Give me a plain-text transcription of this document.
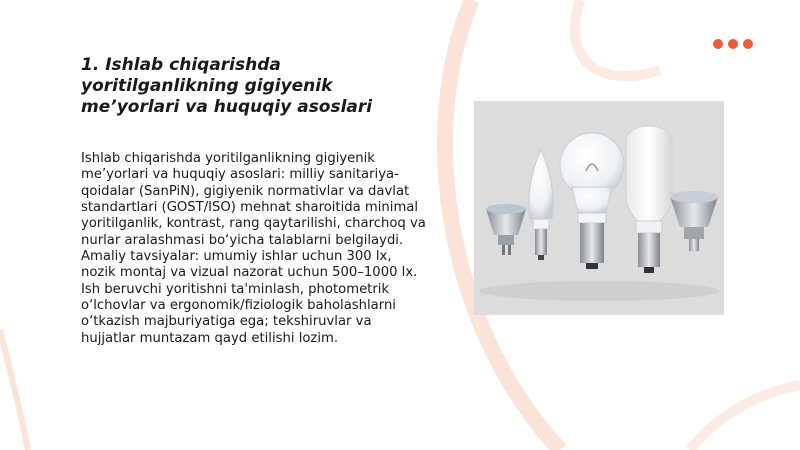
1. Ishlab chiqarishda yoritilganlikning gigiyenik me’yorlari va huquqiy asoslari

Ishlab chiqarishda yoritilganlikning gigiyenik me’yorlari va huquqiy asoslari: milliy sanitariya-qoidalar (SanPiN), gigiyenik normativlar va davlat standartlari (GOST/ISO) mehnat sharoitida minimal yoritilganlik, kontrast, rang qaytarilishi, charchoq va nurlar aralashmasi bo‘yicha talablarni belgilaydi. Amaliy tavsiyalar: umumiy ishlar uchun 300 lx, nozik montaj va vizual nazorat uchun 500–1000 lx. Ish beruvchi yoritishni ta'minlash, photometrik o‘lchovlar va ergonomik/fiziologik baholashlarni o‘tkazish majburiyatiga ega; tekshiruvlar va hujjatlar muntazam qayd etilishi lozim.
